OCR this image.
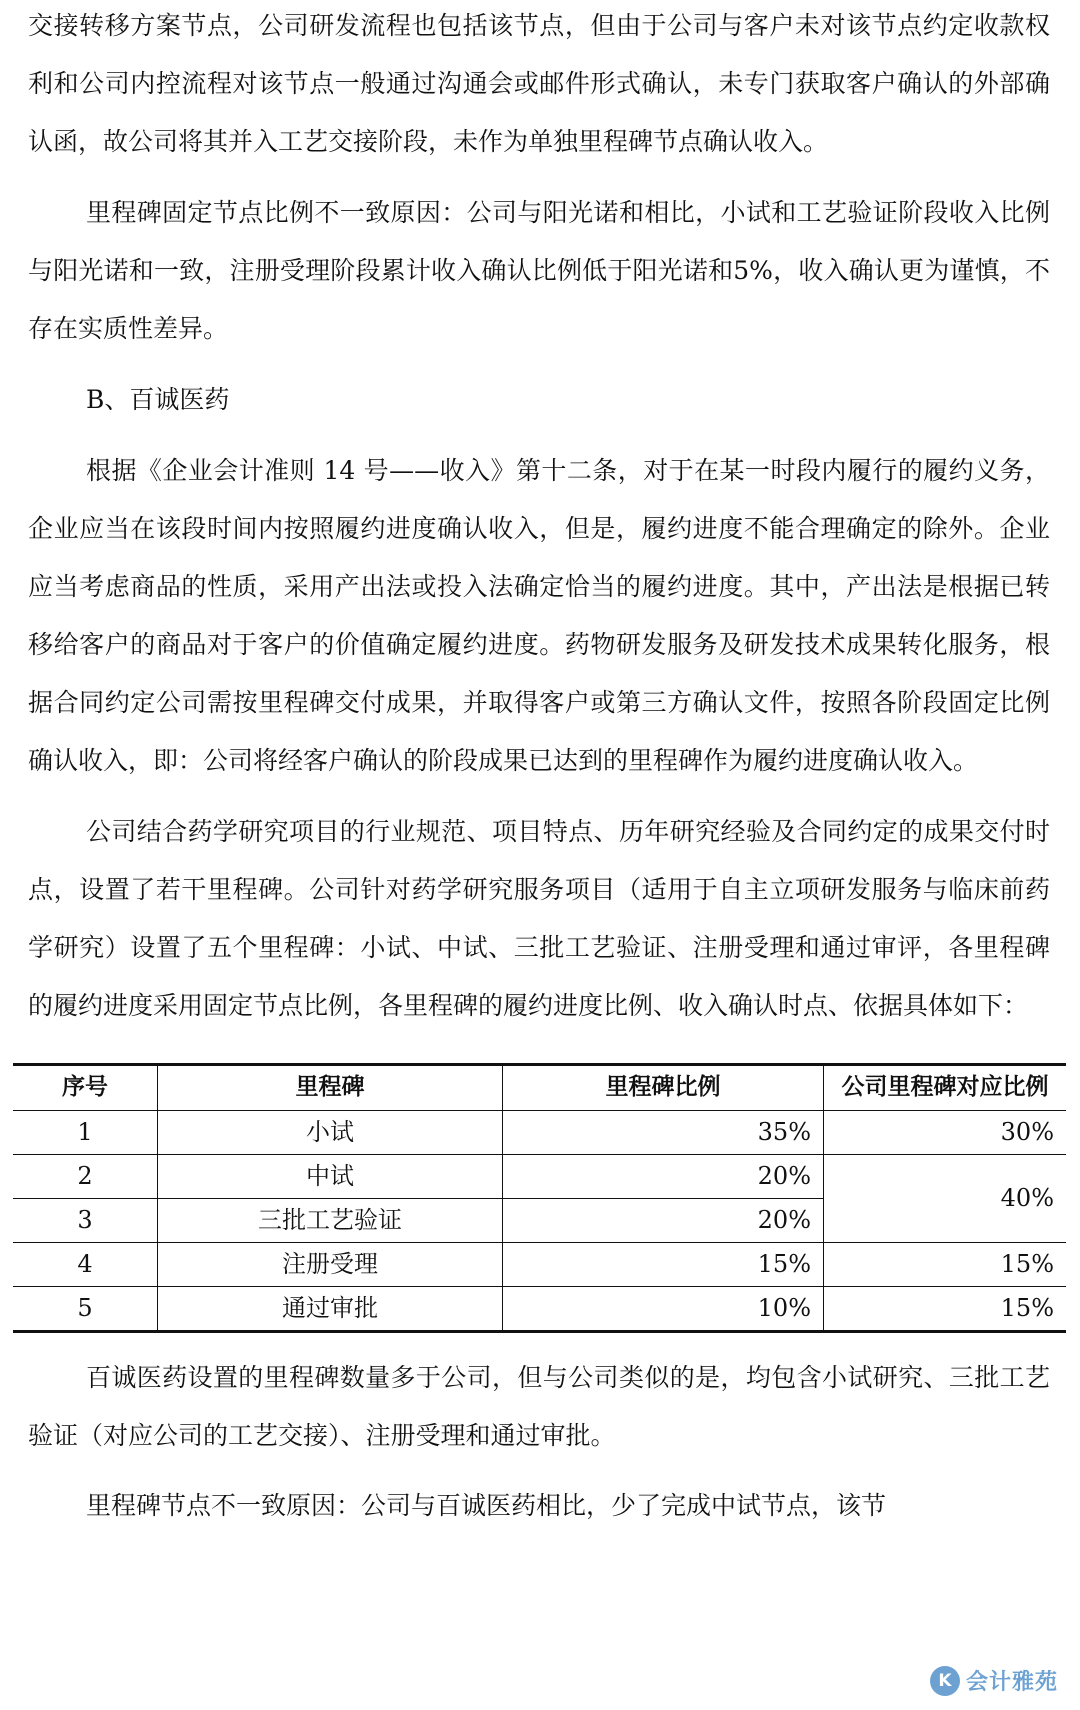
交接转移方案节点，公司研发流程也包括该节点，但由于公司与客户未对该节点约定收款权利和公司内控流程对该节点一般通过沟通会或邮件形式确认，未专门获取客户确认的外部确认函，故公司将其并入工艺交接阶段，未作为单独里程碑节点确认收入。

里程碑固定节点比例不一致原因：公司与阳光诺和相比，小试和工艺验证阶段收入比例与阳光诺和一致，注册受理阶段累计收入确认比例低于阳光诺和5%，收入确认更为谨慎，不存在实质性差异。

B、百诚医药

根据《企业会计准则 14 号——收入》第十二条，对于在某一时段内履行的履约义务，企业应当在该段时间内按照履约进度确认收入，但是，履约进度不能合理确定的除外。企业应当考虑商品的性质，采用产出法或投入法确定恰当的履约进度。其中，产出法是根据已转移给客户的商品对于客户的价值确定履约进度。药物研发服务及研发技术成果转化服务，根据合同约定公司需按里程碑交付成果，并取得客户或第三方确认文件，按照各阶段固定比例确认收入，即：公司将经客户确认的阶段成果已达到的里程碑作为履约进度确认收入。

公司结合药学研究项目的行业规范、项目特点、历年研究经验及合同约定的成果交付时点，设置了若干里程碑。公司针对药学研究服务项目（适用于自主立项研发服务与临床前药学研究）设置了五个里程碑：小试、中试、三批工艺验证、注册受理和通过审评，各里程碑的履约进度采用固定节点比例，各里程碑的履约进度比例、收入确认时点、依据具体如下：

序号	里程碑	里程碑比例	公司里程碑对应比例
1	小试	35%	30%
2	中试	20%	40%
3	三批工艺验证	20%	
4	注册受理	15%	15%
5	通过审批	10%	15%

百诚医药设置的里程碑数量多于公司，但与公司类似的是，均包含小试研究、三批工艺验证（对应公司的工艺交接）、注册受理和通过审批。

里程碑节点不一致原因：公司与百诚医药相比，少了完成中试节点，该节

K 会计雅苑
